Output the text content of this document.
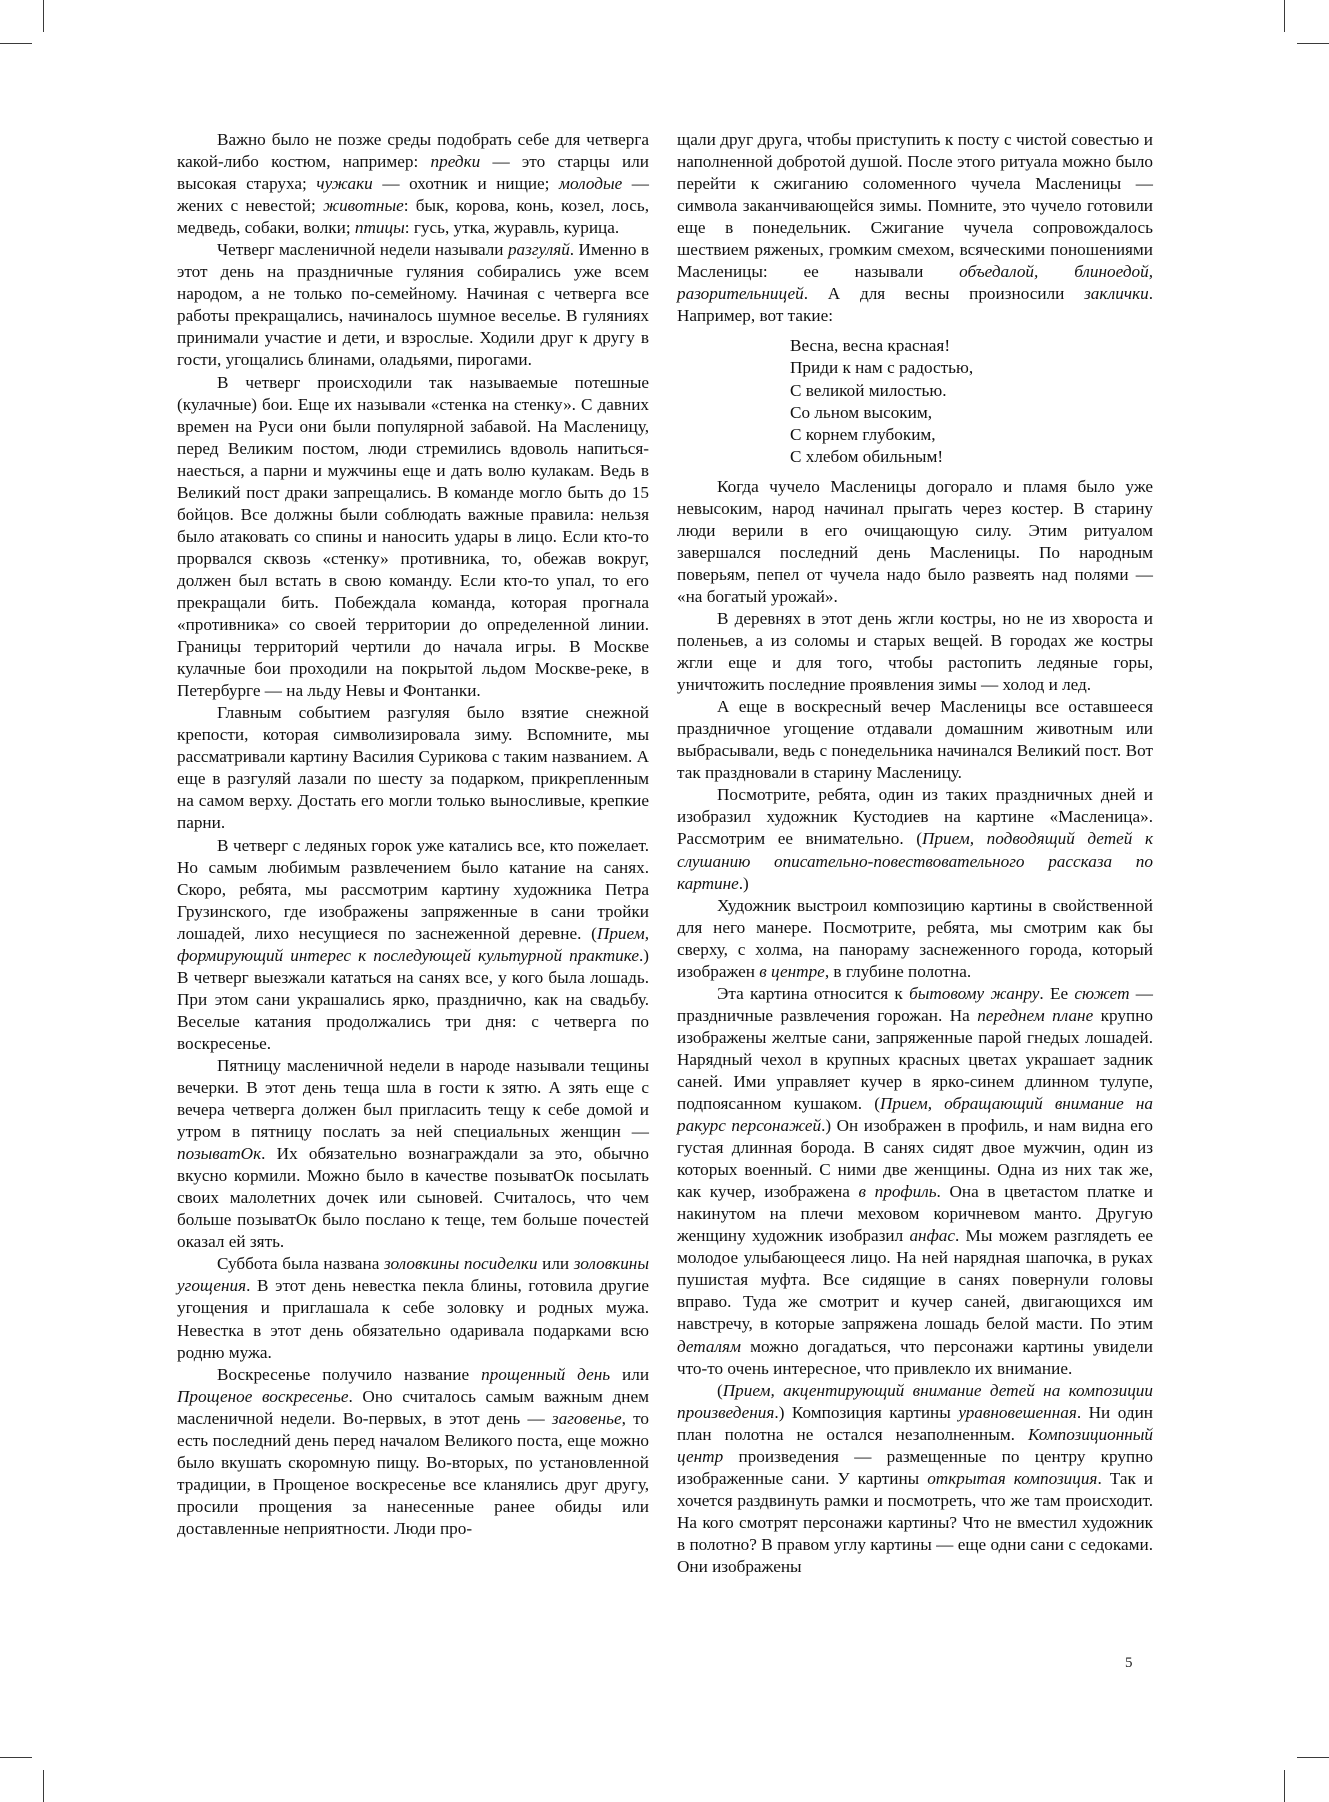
Важно было не позже среды подобрать себе для четверга какой-либо костюм, например: предки — это старцы или высокая старуха; чужаки — охотник и нищие; молодые — жених с невестой; животные: бык, корова, конь, козел, лось, медведь, собаки, волки; птицы: гусь, утка, журавль, курица.

Четверг масленичной недели называли разгуляй. Именно в этот день на праздничные гуляния собирались уже всем народом, а не только по-семейному. Начиная с четверга все работы прекращались, начиналось шумное веселье. В гуляниях принимали участие и дети, и взрослые. Ходили друг к другу в гости, угощались блинами, оладьями, пирогами.

В четверг происходили так называемые потешные (кулачные) бои. Еще их называли «стенка на стенку». С давних времен на Руси они были популярной забавой. На Масленицу, перед Великим постом, люди стремились вдоволь напиться-наесться, а парни и мужчины еще и дать волю кулакам. Ведь в Великий пост драки запрещались. В команде могло быть до 15 бойцов. Все должны были соблюдать важные правила: нельзя было атаковать со спины и наносить удары в лицо. Если кто-то прорвался сквозь «стенку» противника, то, обежав вокруг, должен был встать в свою команду. Если кто-то упал, то его прекращали бить. Побеждала команда, которая прогнала «противника» со своей территории до определенной линии. Границы территорий чертили до начала игры. В Москве кулачные бои проходили на покрытой льдом Москве-реке, в Петербурге — на льду Невы и Фонтанки.

Главным событием разгуляя было взятие снежной крепости, которая символизировала зиму. Вспомните, мы рассматривали картину Василия Сурикова с таким названием. А еще в разгуляй лазали по шесту за подарком, прикрепленным на самом верху. Достать его могли только выносливые, крепкие парни.

В четверг с ледяных горок уже катались все, кто пожелает. Но самым любимым развлечением было катание на санях. Скоро, ребята, мы рассмотрим картину художника Петра Грузинского, где изображены запряженные в сани тройки лошадей, лихо несущиеся по заснеженной деревне. (Прием, формирующий интерес к последующей культурной практике.) В четверг выезжали кататься на санях все, у кого была лошадь. При этом сани украшались ярко, празднично, как на свадьбу. Веселые катания продолжались три дня: с четверга по воскресенье.

Пятницу масленичной недели в народе называли тещины вечерки. В этот день теща шла в гости к зятю. А зять еще с вечера четверга должен был пригласить тещу к себе домой и утром в пятницу послать за ней специальных женщин — позыватОк. Их обязательно вознаграждали за это, обычно вкусно кормили. Можно было в качестве позыватОк посылать своих малолетних дочек или сыновей. Считалось, что чем больше позыватОк было послано к теще, тем больше почестей оказал ей зять.

Суббота была названа золовкины посиделки или золовкины угощения. В этот день невестка пекла блины, готовила другие угощения и приглашала к себе золовку и родных мужа. Невестка в этот день обязательно одаривала подарками всю родню мужа.

Воскресенье получило название прощенный день или Прощеное воскресенье. Оно считалось самым важным днем масленичной недели. Во-первых, в этот день — заговенье, то есть последний день перед началом Великого поста, еще можно было вкушать скоромную пищу. Во-вторых, по установленной традиции, в Прощеное воскресенье все кланялись друг другу, просили прощения за нанесенные ранее обиды или доставленные неприятности. Люди про-

щали друг друга, чтобы приступить к посту с чистой совестью и наполненной добротой душой. После этого ритуала можно было перейти к сжиганию соломенного чучела Масленицы — символа заканчивающейся зимы. Помните, это чучело готовили еще в понедельник. Сжигание чучела сопровождалось шествием ряженых, громким смехом, всяческими поношениями Масленицы: ее называли объедалой, блиноедой, разорительницей. А для весны произносили заклички. Например, вот такие:

Весна, весна красная!
Приди к нам с радостью,
С великой милостью.
Со льном высоким,
С корнем глубоким,
С хлебом обильным!

Когда чучело Масленицы догорало и пламя было уже невысоким, народ начинал прыгать через костер. В старину люди верили в его очищающую силу. Этим ритуалом завершался последний день Масленицы. По народным поверьям, пепел от чучела надо было развеять над полями — «на богатый урожай».

В деревнях в этот день жгли костры, но не из хвороста и поленьев, а из соломы и старых вещей. В городах же костры жгли еще и для того, чтобы растопить ледяные горы, уничтожить последние проявления зимы — холод и лед.

А еще в воскресный вечер Масленицы все оставшееся праздничное угощение отдавали домашним животным или выбрасывали, ведь с понедельника начинался Великий пост. Вот так праздновали в старину Масленицу.

Посмотрите, ребята, один из таких праздничных дней и изобразил художник Кустодиев на картине «Масленица». Рассмотрим ее внимательно. (Прием, подводящий детей к слушанию описательно-повествовательного рассказа по картине.)

Художник выстроил композицию картины в свойственной для него манере. Посмотрите, ребята, мы смотрим как бы сверху, с холма, на панораму заснеженного города, который изображен в центре, в глубине полотна.

Эта картина относится к бытовому жанру. Ее сюжет — праздничные развлечения горожан. На переднем плане крупно изображены желтые сани, запряженные парой гнедых лошадей. Нарядный чехол в крупных красных цветах украшает задник саней. Ими управляет кучер в ярко-синем длинном тулупе, подпоясанном кушаком. (Прием, обращающий внимание на ракурс персонажей.) Он изображен в профиль, и нам видна его густая длинная борода. В санях сидят двое мужчин, один из которых военный. С ними две женщины. Одна из них так же, как кучер, изображена в профиль. Она в цветастом платке и накинутом на плечи меховом коричневом манто. Другую женщину художник изобразил анфас. Мы можем разглядеть ее молодое улыбающееся лицо. На ней нарядная шапочка, в руках пушистая муфта. Все сидящие в санях повернули головы вправо. Туда же смотрит и кучер саней, двигающихся им навстречу, в которые запряжена лошадь белой масти. По этим деталям можно догадаться, что персонажи картины увидели что-то очень интересное, что привлекло их внимание.

(Прием, акцентирующий внимание детей на композиции произведения.) Композиция картины уравновешенная. Ни один план полотна не остался незаполненным. Композиционный центр произведения — размещенные по центру крупно изображенные сани. У картины открытая композиция. Так и хочется раздвинуть рамки и посмотреть, что же там происходит. На кого смотрят персонажи картины? Что не вместил художник в полотно? В правом углу картины — еще одни сани с седоками. Они изображены

5
